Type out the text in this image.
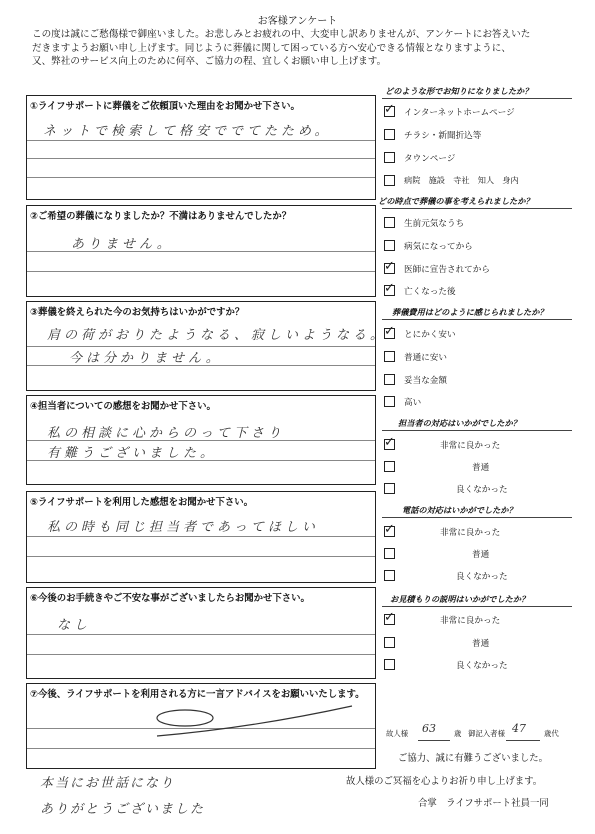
お客様アンケート
この度は誠にご愁傷様で御座いました。お悲しみとお疲れの中、大変申し訳ありませんが、アンケートにお答えいた
だきますようお願い申し上げます。同じように葬儀に関して困っている方へ安心できる情報となりますように、
又、弊社のサービス向上のために何卒、ご協力の程、宜しくお願い申し上げます。
①ライフサポートに葬儀をご依頼頂いた理由をお聞かせ下さい。
ネットで検索して格安ででてたため。
②ご希望の葬儀になりましたか？不満はありませんでしたか？
ありません。
③葬儀を終えられた今のお気持ちはいかがですか？
肩の荷がおりたようなる、寂しいようなる。
今は分かりません。
④担当者についての感想をお聞かせ下さい。
私の相談に心からのって下さり
有難うございました。
⑤ライフサポートを利用した感想をお聞かせ下さい。
私の時も同じ担当者であってほしい
⑥今後のお手続きやご不安な事がございましたらお聞かせ下さい。
なし
⑦今後、ライフサポートを利用される方に一言アドバイスをお願いいたします。
どのような形でお知りになりましたか？
✓
インターネットホームページ
チラシ・新聞折込等
タウンページ
病院　施設　寺社　知人　身内
どの時点で葬儀の事を考えられましたか？
生前元気なうち
病気になってから
✓
医師に宣告されてから
✓
亡くなった後
葬儀費用はどのように感じられましたか？
✓
とにかく安い
普通に安い
妥当な金額
高い
担当者の対応はいかがでしたか？
✓
非常に良かった
普通
良くなかった
電話の対応はいかがでしたか？
✓
非常に良かった
普通
良くなかった
お見積もりの説明はいかがでしたか？
✓
非常に良かった
普通
良くなかった
故人様 63 歳 御記入者様 47 歳代
ご協力、誠に有難うございました。
故人様のご冥福を心よりお祈り申し上げます。
合掌　ライフサポート社員一同
本当にお世話になり
ありがとうございました
